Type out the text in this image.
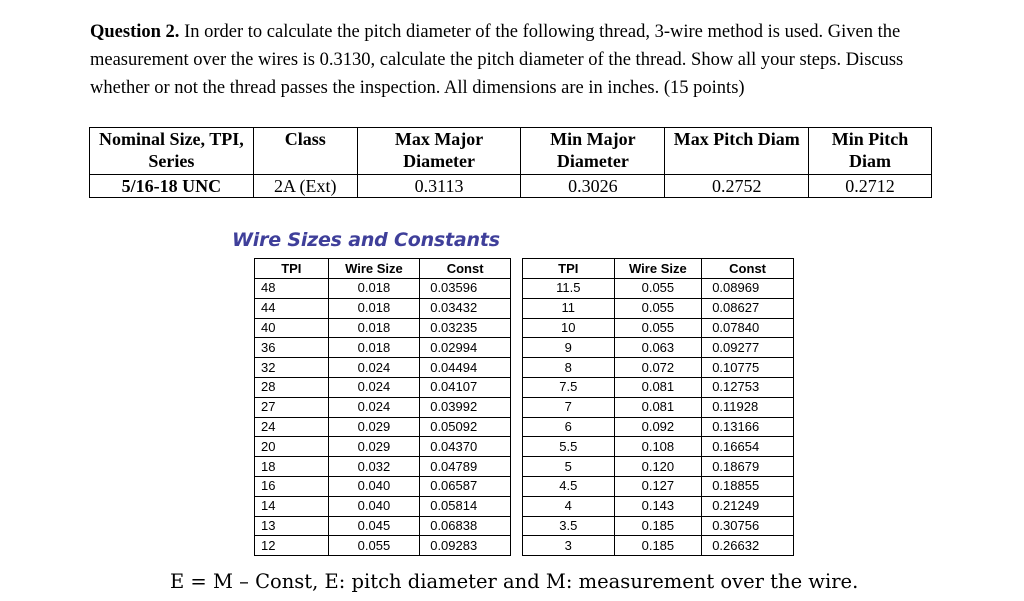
Question 2. In order to calculate the pitch diameter of the following thread, 3-wire method is used. Given the measurement over the wires is 0.3130, calculate the pitch diameter of the thread. Show all your steps. Discuss whether or not the thread passes the inspection. All dimensions are in inches. (15 points)
Nominal Size, TPI, Series	Class	Max Major Diameter	Min Major Diameter	Max Pitch Diam	Min Pitch Diam
5/16-18 UNC	2A (Ext)	0.3113	0.3026	0.2752	0.2712
Wire Sizes and Constants
TPI	Wire Size	Const
48	0.018	0.03596
44	0.018	0.03432
40	0.018	0.03235
36	0.018	0.02994
32	0.024	0.04494
28	0.024	0.04107
27	0.024	0.03992
24	0.029	0.05092
20	0.029	0.04370
18	0.032	0.04789
16	0.040	0.06587
14	0.040	0.05814
13	0.045	0.06838
12	0.055	0.09283
TPI	Wire Size	Const
11.5	0.055	0.08969
11	0.055	0.08627
10	0.055	0.07840
9	0.063	0.09277
8	0.072	0.10775
7.5	0.081	0.12753
7	0.081	0.11928
6	0.092	0.13166
5.5	0.108	0.16654
5	0.120	0.18679
4.5	0.127	0.18855
4	0.143	0.21249
3.5	0.185	0.30756
3	0.185	0.26632
E = M – Const, E: pitch diameter and M: measurement over the wire.
